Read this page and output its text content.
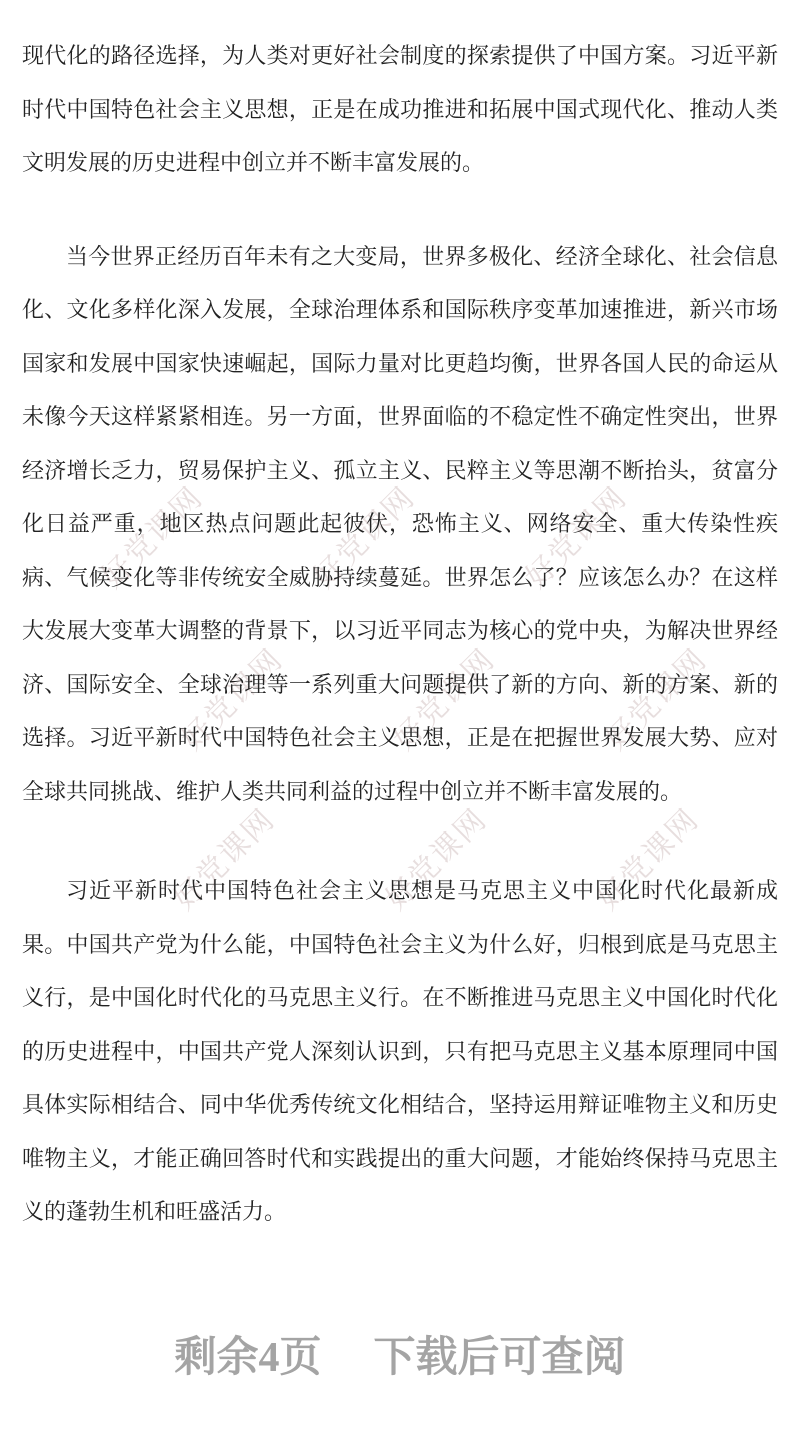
好党课网	好党课网	好党课网
好党课网	好党课网	好党课网
好党课网	好党课网	好党课网

现代化的路径选择，为人类对更好社会制度的探索提供了中国方案。习近平新时代中国特色社会主义思想，正是在成功推进和拓展中国式现代化、推动人类文明发展的历史进程中创立并不断丰富发展的。

当今世界正经历百年未有之大变局，世界多极化、经济全球化、社会信息化、文化多样化深入发展，全球治理体系和国际秩序变革加速推进，新兴市场国家和发展中国家快速崛起，国际力量对比更趋均衡，世界各国人民的命运从未像今天这样紧紧相连。另一方面，世界面临的不稳定性不确定性突出，世界经济增长乏力，贸易保护主义、孤立主义、民粹主义等思潮不断抬头，贫富分化日益严重，地区热点问题此起彼伏，恐怖主义、网络安全、重大传染性疾病、气候变化等非传统安全威胁持续蔓延。世界怎么了？应该怎么办？在这样大发展大变革大调整的背景下，以习近平同志为核心的党中央，为解决世界经济、国际安全、全球治理等一系列重大问题提供了新的方向、新的方案、新的选择。习近平新时代中国特色社会主义思想，正是在把握世界发展大势、应对全球共同挑战、维护人类共同利益的过程中创立并不断丰富发展的。

习近平新时代中国特色社会主义思想是马克思主义中国化时代化最新成果。中国共产党为什么能，中国特色社会主义为什么好，归根到底是马克思主义行，是中国化时代化的马克思主义行。在不断推进马克思主义中国化时代化的历史进程中，中国共产党人深刻认识到，只有把马克思主义基本原理同中国具体实际相结合、同中华优秀传统文化相结合，坚持运用辩证唯物主义和历史唯物主义，才能正确回答时代和实践提出的重大问题，才能始终保持马克思主义的蓬勃生机和旺盛活力。

剩余4页 下载后可查阅
